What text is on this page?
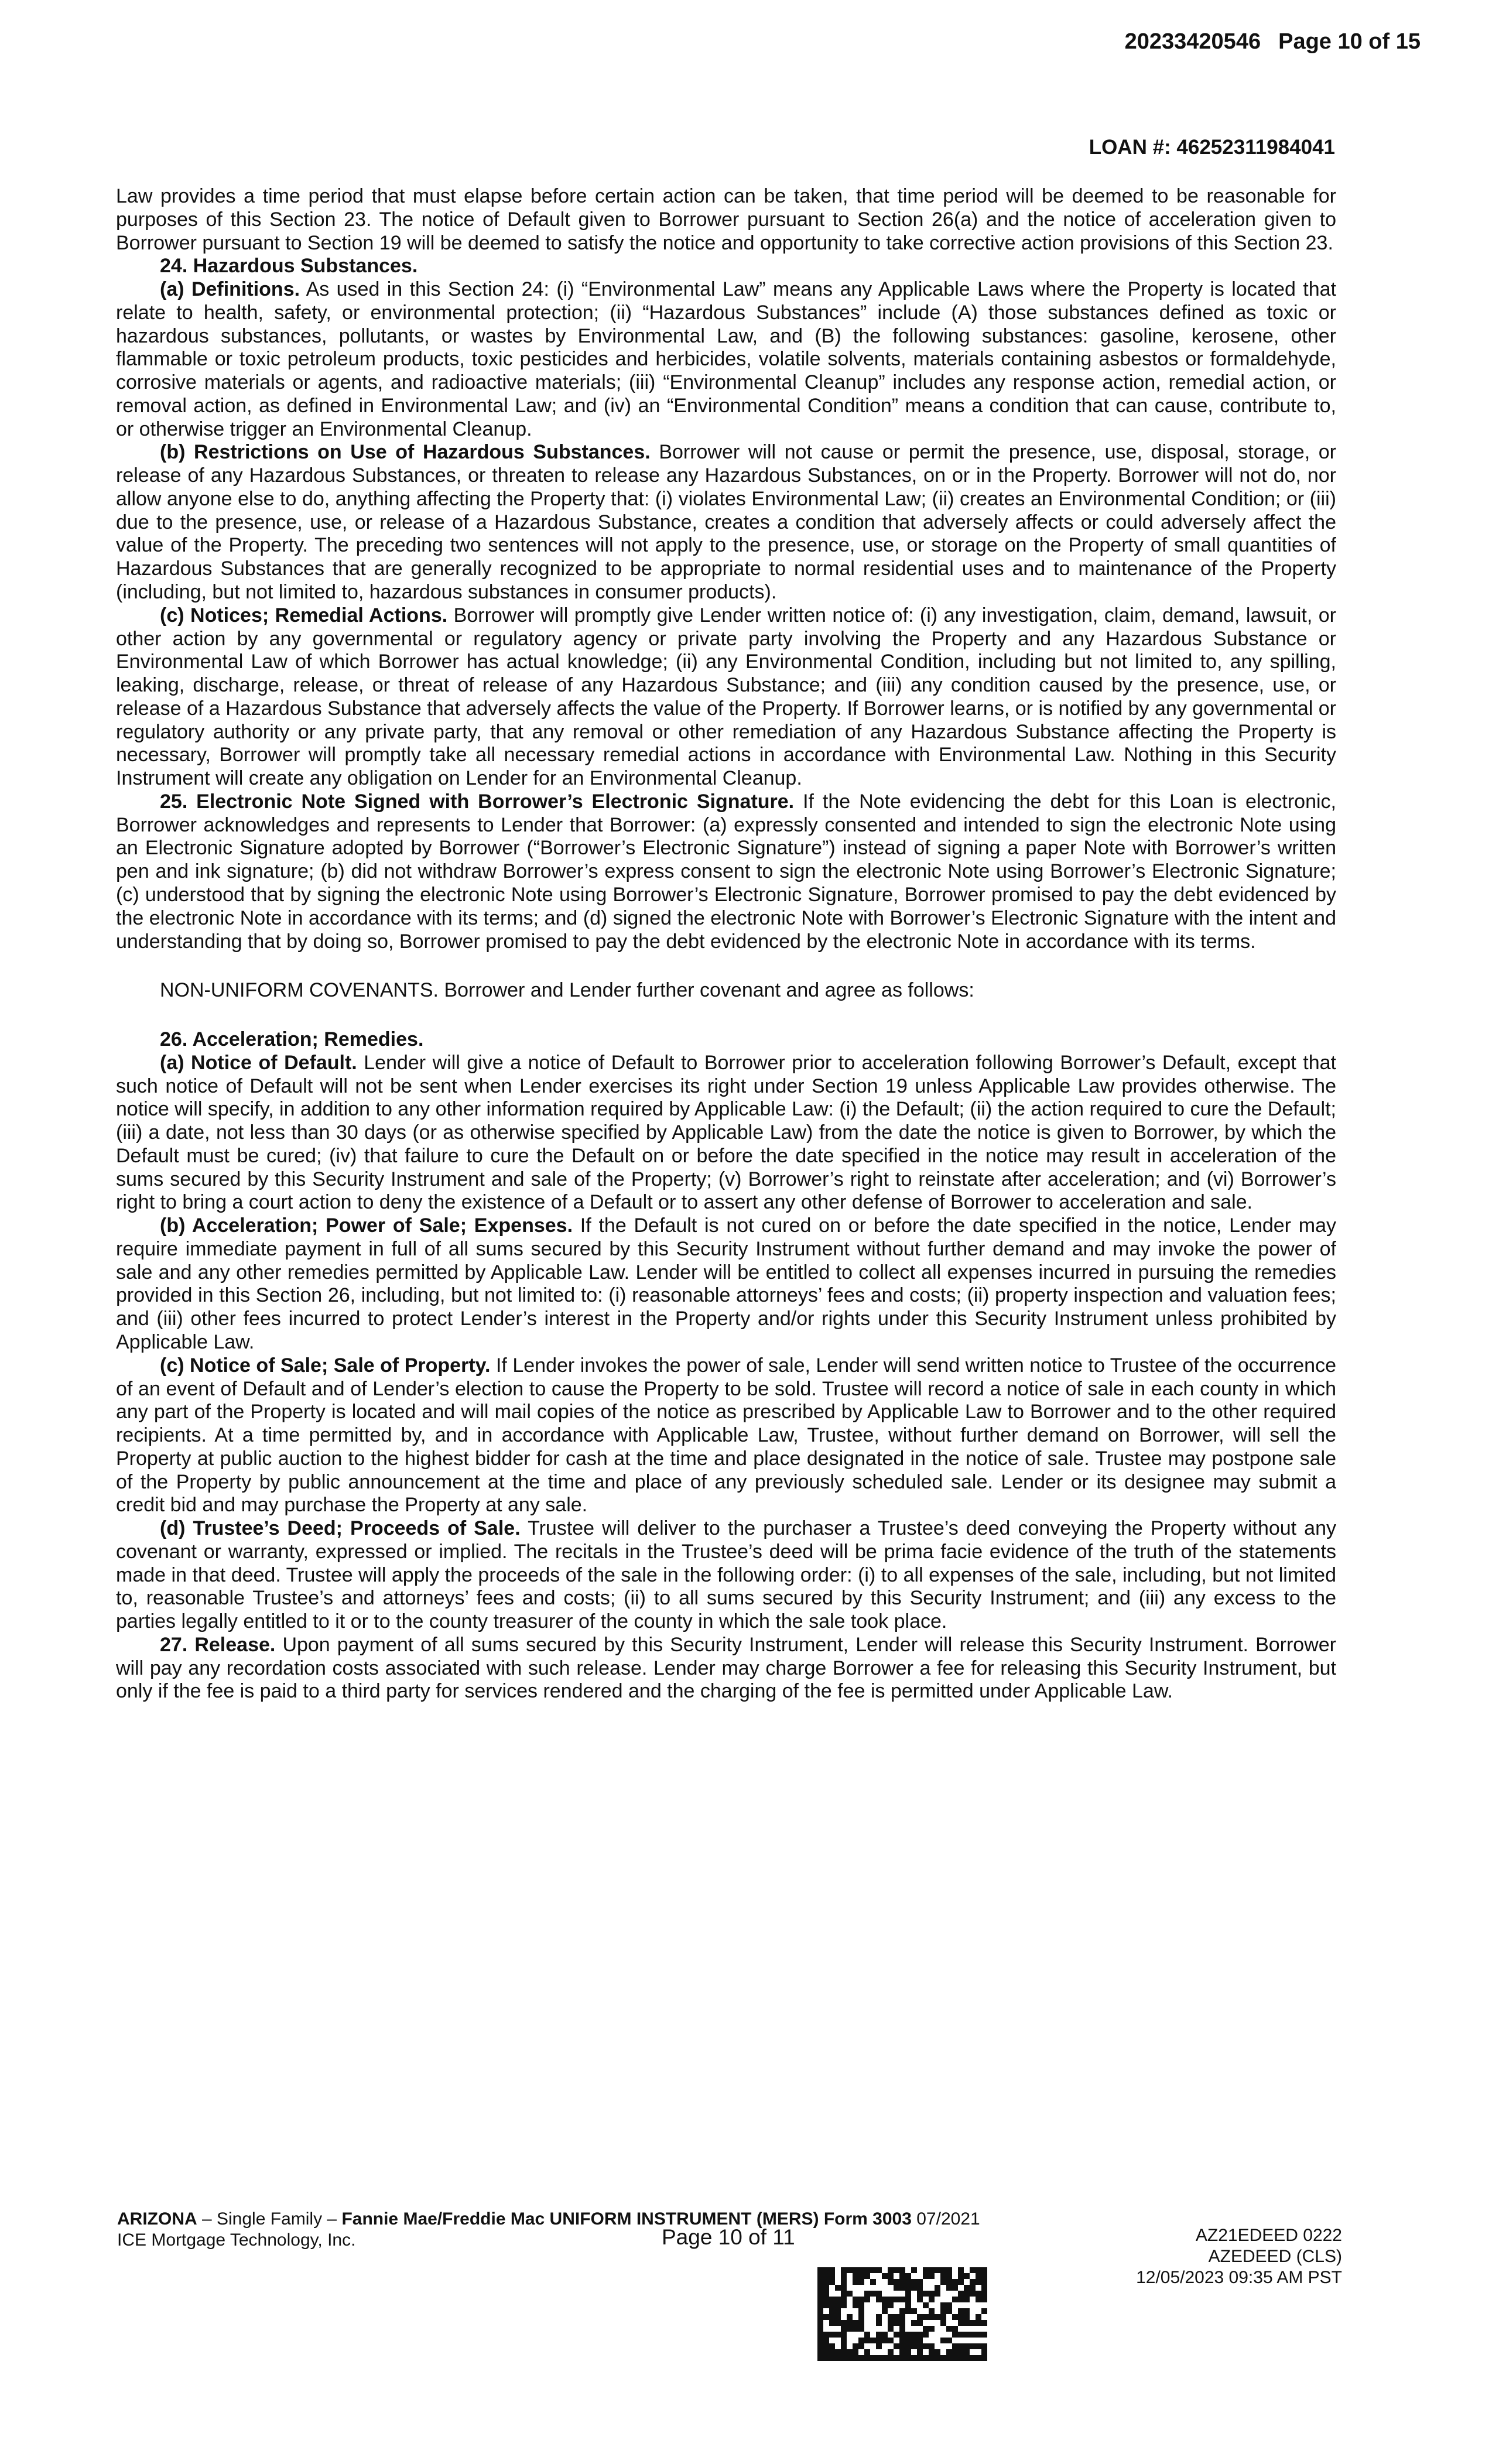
20233420546 Page 10 of 15
LOAN #: 46252311984041

Law provides a time period that must elapse before certain action can be taken, that time period will be deemed to be reasonable for purposes of this Section 23. The notice of Default given to Borrower pursuant to Section 26(a) and the notice of acceleration given to Borrower pursuant to Section 19 will be deemed to satisfy the notice and opportunity to take corrective action provisions of this Section 23.

24. Hazardous Substances.

(a) Definitions. As used in this Section 24: (i) “Environmental Law” means any Applicable Laws where the Property is located that relate to health, safety, or environmental protection; (ii) “Hazardous Substances” include (A) those substances defined as toxic or hazardous substances, pollutants, or wastes by Environmental Law, and (B) the following substances: gasoline, kerosene, other flammable or toxic petroleum products, toxic pesticides and herbicides, volatile solvents, materials containing asbestos or formaldehyde, corrosive materials or agents, and radioactive materials; (iii) “Environmental Cleanup” includes any response action, remedial action, or removal action, as defined in Environmental Law; and (iv) an “Environmental Condition” means a condition that can cause, contribute to, or otherwise trigger an Environmental Cleanup.

(b) Restrictions on Use of Hazardous Substances. Borrower will not cause or permit the presence, use, disposal, storage, or release of any Hazardous Substances, or threaten to release any Hazardous Substances, on or in the Property. Borrower will not do, nor allow anyone else to do, anything affecting the Property that: (i) violates Environmental Law; (ii) creates an Environmental Condition; or (iii) due to the presence, use, or release of a Hazardous Substance, creates a condition that adversely affects or could adversely affect the value of the Property. The preceding two sentences will not apply to the presence, use, or storage on the Property of small quantities of Hazardous Substances that are generally recognized to be appropriate to normal residential uses and to maintenance of the Property (including, but not limited to, hazardous substances in consumer products).

(c) Notices; Remedial Actions. Borrower will promptly give Lender written notice of: (i) any investigation, claim, demand, lawsuit, or other action by any governmental or regulatory agency or private party involving the Property and any Hazardous Substance or Environmental Law of which Borrower has actual knowledge; (ii) any Environmental Condition, including but not limited to, any spilling, leaking, discharge, release, or threat of release of any Hazardous Substance; and (iii) any condition caused by the presence, use, or release of a Hazardous Substance that adversely affects the value of the Property. If Borrower learns, or is notified by any governmental or regulatory authority or any private party, that any removal or other remediation of any Hazardous Substance affecting the Property is necessary, Borrower will promptly take all necessary remedial actions in accordance with Environmental Law. Nothing in this Security Instrument will create any obligation on Lender for an Environmental Cleanup.

25. Electronic Note Signed with Borrower’s Electronic Signature. If the Note evidencing the debt for this Loan is electronic, Borrower acknowledges and represents to Lender that Borrower: (a) expressly consented and intended to sign the electronic Note using an Electronic Signature adopted by Borrower (“Borrower’s Electronic Signature”) instead of signing a paper Note with Borrower’s written pen and ink signature; (b) did not withdraw Borrower’s express consent to sign the electronic Note using Borrower’s Electronic Signature; (c) understood that by signing the electronic Note using Borrower’s Electronic Signature, Borrower promised to pay the debt evidenced by the electronic Note in accordance with its terms; and (d) signed the electronic Note with Borrower’s Electronic Signature with the intent and understanding that by doing so, Borrower promised to pay the debt evidenced by the electronic Note in accordance with its terms.

NON-UNIFORM COVENANTS. Borrower and Lender further covenant and agree as follows:

26. Acceleration; Remedies.

(a) Notice of Default. Lender will give a notice of Default to Borrower prior to acceleration following Borrower’s Default, except that such notice of Default will not be sent when Lender exercises its right under Section 19 unless Applicable Law provides otherwise. The notice will specify, in addition to any other information required by Applicable Law: (i) the Default; (ii) the action required to cure the Default; (iii) a date, not less than 30 days (or as otherwise specified by Applicable Law) from the date the notice is given to Borrower, by which the Default must be cured; (iv) that failure to cure the Default on or before the date specified in the notice may result in acceleration of the sums secured by this Security Instrument and sale of the Property; (v) Borrower’s right to reinstate after acceleration; and (vi) Borrower’s right to bring a court action to deny the existence of a Default or to assert any other defense of Borrower to acceleration and sale.

(b) Acceleration; Power of Sale; Expenses. If the Default is not cured on or before the date specified in the notice, Lender may require immediate payment in full of all sums secured by this Security Instrument without further demand and may invoke the power of sale and any other remedies permitted by Applicable Law. Lender will be entitled to collect all expenses incurred in pursuing the remedies provided in this Section 26, including, but not limited to: (i) reasonable attorneys’ fees and costs; (ii) property inspection and valuation fees; and (iii) other fees incurred to protect Lender’s interest in the Property and/or rights under this Security Instrument unless prohibited by Applicable Law.

(c) Notice of Sale; Sale of Property. If Lender invokes the power of sale, Lender will send written notice to Trustee of the occurrence of an event of Default and of Lender’s election to cause the Property to be sold. Trustee will record a notice of sale in each county in which any part of the Property is located and will mail copies of the notice as prescribed by Applicable Law to Borrower and to the other required recipients. At a time permitted by, and in accordance with Applicable Law, Trustee, without further demand on Borrower, will sell the Property at public auction to the highest bidder for cash at the time and place designated in the notice of sale. Trustee may postpone sale of the Property by public announcement at the time and place of any previously scheduled sale. Lender or its designee may submit a credit bid and may purchase the Property at any sale.

(d) Trustee’s Deed; Proceeds of Sale. Trustee will deliver to the purchaser a Trustee’s deed conveying the Property without any covenant or warranty, expressed or implied. The recitals in the Trustee’s deed will be prima facie evidence of the truth of the statements made in that deed. Trustee will apply the proceeds of the sale in the following order: (i) to all expenses of the sale, including, but not limited to, reasonable Trustee’s and attorneys’ fees and costs; (ii) to all sums secured by this Security Instrument; and (iii) any excess to the parties legally entitled to it or to the county treasurer of the county in which the sale took place.

27. Release. Upon payment of all sums secured by this Security Instrument, Lender will release this Security Instrument. Borrower will pay any recordation costs associated with such release. Lender may charge Borrower a fee for releasing this Security Instrument, but only if the fee is paid to a third party for services rendered and the charging of the fee is permitted under Applicable Law.

ARIZONA – Single Family – Fannie Mae/Freddie Mac UNIFORM INSTRUMENT (MERS) Form 3003 07/2021
ICE Mortgage Technology, Inc.	Page 10 of 11	AZ21EDEED 0222
AZEDEED (CLS)
12/05/2023 09:35 AM PST
